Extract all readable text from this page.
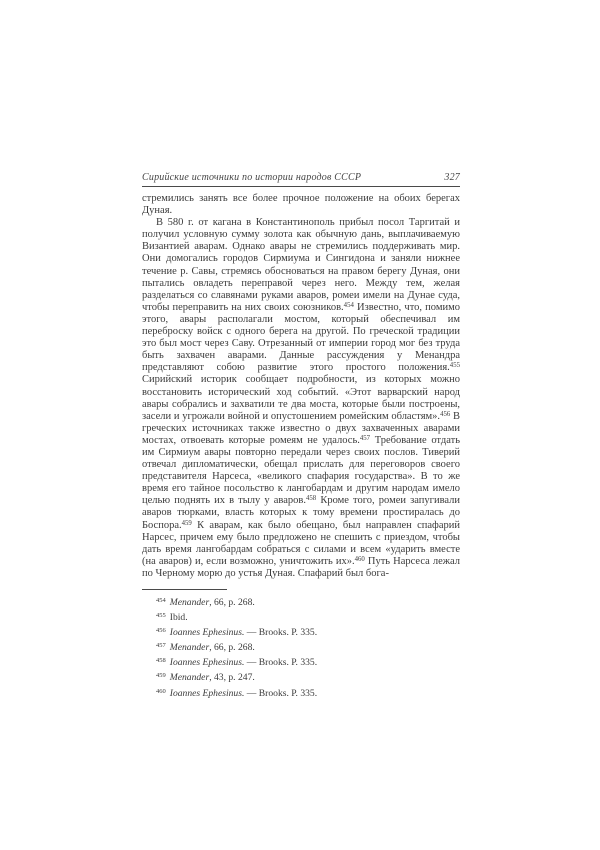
Сирийские источники по истории народов СССР	327

стремились занять все более прочное положение на обоих берегах Дуная.

В 580 г. от кагана в Константинополь прибыл посол Таргитай и получил условную сумму золота как обычную дань, выплачиваемую Византией аварам. Однако авары не стремились поддерживать мир. Они домогались городов Сирмиума и Сингидона и заняли нижнее течение р. Савы, стремясь обосноваться на правом берегу Дуная, они пытались овладеть переправой через него. Между тем, желая разделаться со славянами руками аваров, ромеи имели на Дунае суда, чтобы переправить на них своих союзников.$^{454}$ Известно, что, помимо этого, авары располагали мостом, который обеспечивал им переброску войск с одного берега на другой. По греческой традиции это был мост через Саву. Отрезанный от империи город мог без труда быть захвачен аварами. Данные рассуждения у Менандра представляют собою развитие этого простого положения.$^{455}$ Сирийский историк сообщает подробности, из которых можно восстановить исторический ход событий. «Этот варварский народ авары собрались и захватили те два моста, которые были построены, засели и угрожали войной и опустошением ромейским областям».$^{456}$ В греческих источниках также известно о двух захваченных аварами мостах, отвоевать которые ромеям не удалось.$^{457}$ Требование отдать им Сирмиум авары повторно передали через своих послов. Тиверий отвечал дипломатически, обещал прислать для переговоров своего представителя Нарсеса, «великого спафария государства». В то же время его тайное посольство к лангобардам и другим народам имело целью поднять их в тылу у аваров.$^{458}$ Кроме того, ромеи запугивали аваров тюрками, власть которых к тому времени простиралась до Боспора.$^{459}$ К аварам, как было обещано, был направлен спафарий Нарсес, причем ему было предложено не спешить с приездом, чтобы дать время лангобардам собраться с силами и всем «ударить вместе (на аваров) и, если возможно, уничтожить их».$^{460}$ Путь Нарсеса лежал по Черному морю до устья Дуная. Спафарий был бога-

$^{454}$ Menander, 66, p. 268.
$^{455}$ Ibid.
$^{456}$ Ioannes Ephesinus. — Brooks. P. 335.
$^{457}$ Menander, 66, p. 268.
$^{458}$ Ioannes Ephesinus. — Brooks. P. 335.
$^{459}$ Menander, 43, p. 247.
$^{460}$ Ioannes Ephesinus. — Brooks. P. 335.
